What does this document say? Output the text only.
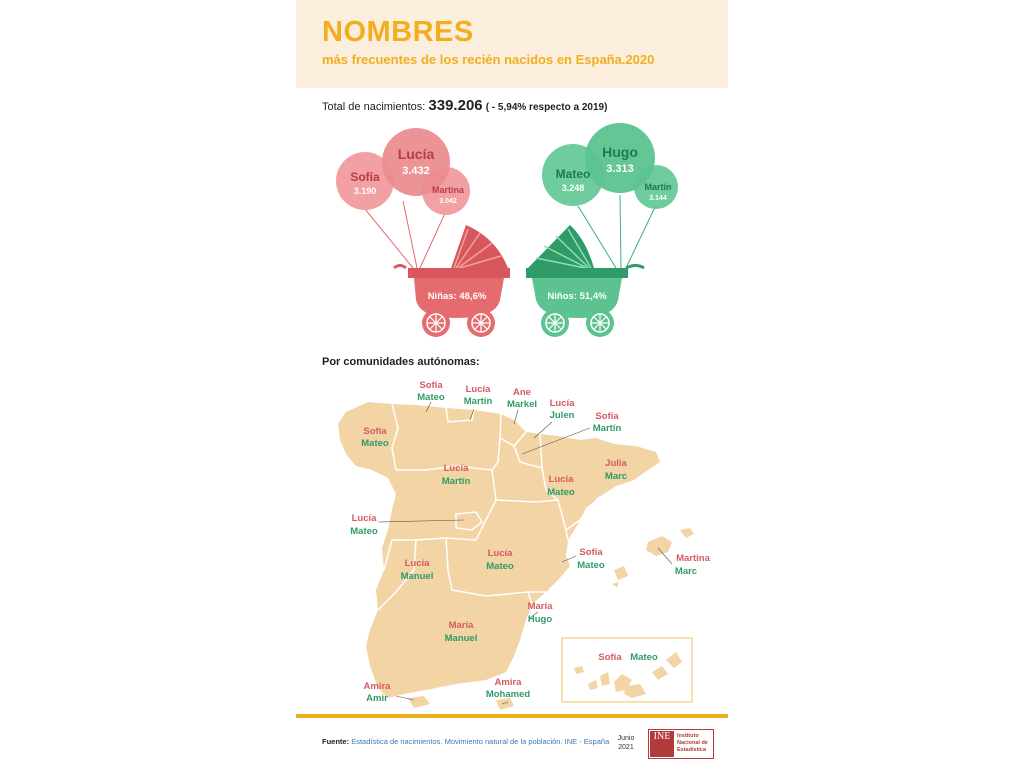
NOMBRES
más frecuentes de los recién nacidos en España.2020
Total de nacimientos: 339.206 ( - 5,94% respecto a 2019)
Sofía
3.190
Lucía
3.432
Martina
3.042
Niñas: 48,6%
Mateo
3.248
Hugo
3.313
Martín
3.144
Niños: 51,4%
Sofía
Mateo
Lucía
Martín
Ane
Markel Lucía
Julen Sofía
Martín
Sofía
Mateo
Lucía
Martín	Lucía
Mateo
Julia
Marc
Lucía
Mateo
Lucía
Manuel
Lucía
Mateo
Sofía
Mateo
Martina
Marc
María
Hugo
María
Manuel
Sofía Mateo
Amira
Amir
Amira
Mohamed
Por comunidades autónomas:
Fuente: Estadística de nacimientos. Movimiento natural de la población. INE - España	Junio
2021
INE	Instituto
Nacional de
Estadística
